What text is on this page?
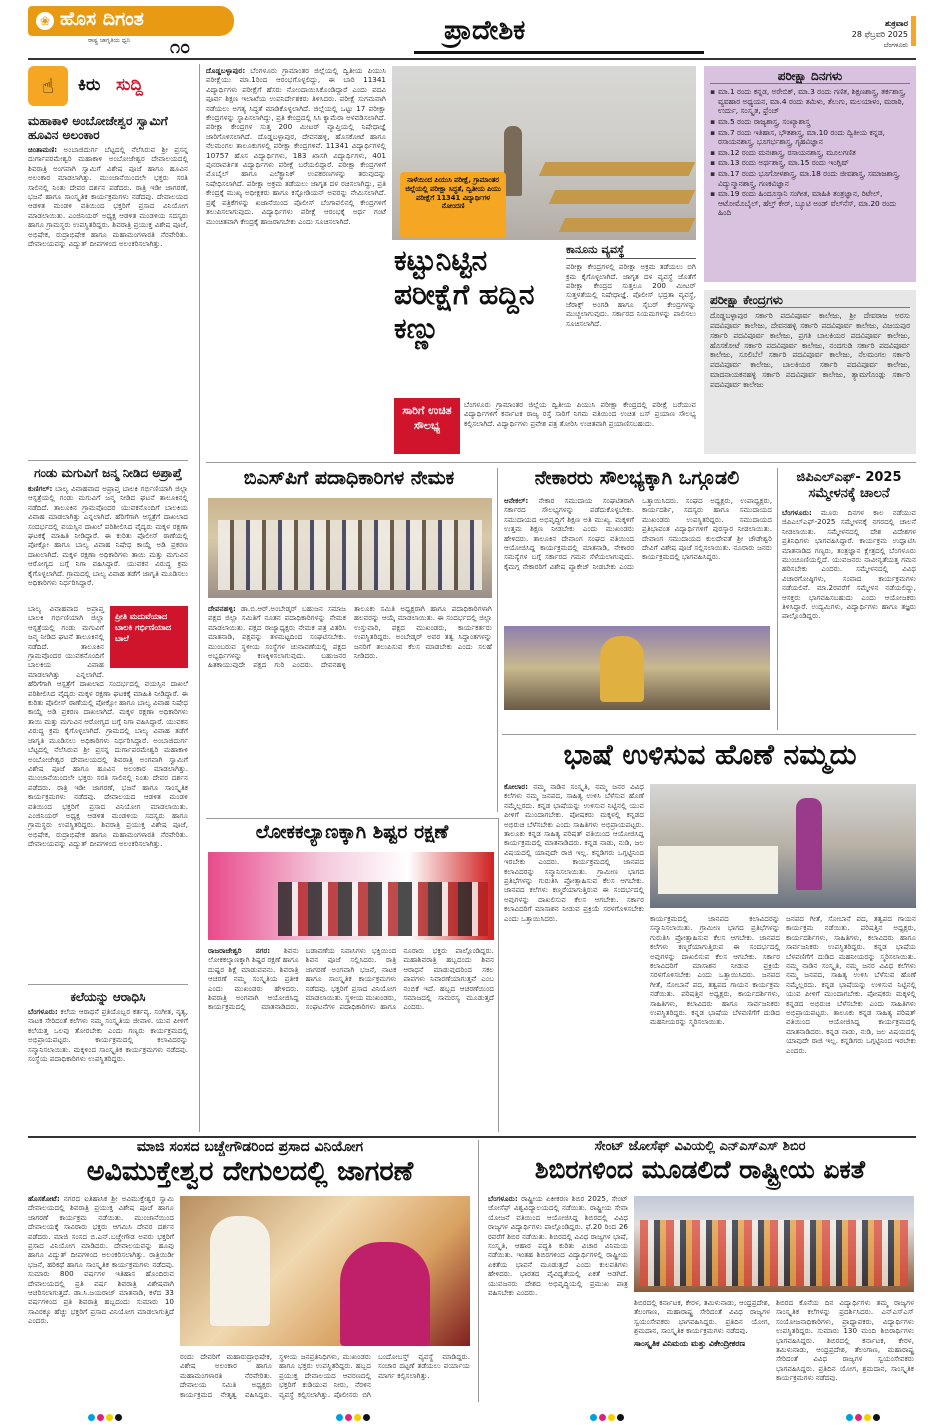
❀ ಹೊಸ ದಿಗಂತ
ರಾಷ್ಟ್ರ ಜಾಗೃತಿಯ ಧ್ವನಿ ೧೦
ಪ್ರಾದೇಶಿಕ	ಶುಕ್ರವಾರ
28 ಫೆಬ್ರವರಿ 2025
ಬೆಂಗಳೂರು
☝	ಕಿರು ಸುದ್ದಿ
ಮಹಾಕಾಳಿ ಅಂಬೋಜೇಶ್ವರ ಸ್ವಾಮಿಗೆ ಹೂವಿನ ಅಲಂಕಾರ
ಚಿಂತಾಮಣಿ: ಅಂಬಾಜಿದುರ್ಗ ಬೆಟ್ಟದಲ್ಲಿ ನೆಲೆಸಿರುವ ಶ್ರೀ ಪ್ರಸನ್ನ ದುರ್ಗಾಪರಮೇಶ್ವರಿ ಮಹಾಕಾಳಿ ಅಂಬೋಜೇಶ್ವರ ದೇವಾಲಯದಲ್ಲಿ ಶಿವರಾತ್ರಿ ಅಂಗವಾಗಿ ಸ್ವಾಮಿಗೆ ವಿಶೇಷ ಪೂಜೆ ಹಾಗೂ ಹೂವಿನ ಅಲಂಕಾರ ಮಾಡಲಾಗಿತ್ತು. ಮುಂಜಾನೆಯಿಂದಲೇ ಭಕ್ತರು ಸರತಿ ಸಾಲಿನಲ್ಲಿ ನಿಂತು ದೇವರ ದರ್ಶನ ಪಡೆದರು. ರಾತ್ರಿ ಇಡೀ ಜಾಗರಣೆ, ಭಜನೆ ಹಾಗೂ ಸಾಂಸ್ಕೃತಿಕ ಕಾರ್ಯಕ್ರಮಗಳು ನಡೆದವು. ದೇವಾಲಯದ ಆಡಳಿತ ಮಂಡಳಿ ವತಿಯಿಂದ ಭಕ್ತರಿಗೆ ಪ್ರಸಾದ ವಿನಿಯೋಗ ಮಾಡಲಾಯಿತು. ಎಂಜಿನಿಯರ್ ಅಧ್ಯಕ್ಷ ಆಡಳಿತ ಮಂಡಳಿಯ ಸದಸ್ಯರು ಹಾಗೂ ಗ್ರಾಮಸ್ಥರು ಉಪಸ್ಥಿತರಿದ್ದರು. ಶಿವರಾತ್ರಿ ಪ್ರಯುಕ್ತ ವಿಶೇಷ ಪೂಜೆ, ಅಭಿಷೇಕ, ರುದ್ರಾಭಿಷೇಕ ಹಾಗೂ ಮಹಾಮಂಗಳಾರತಿ ನೆರವೇರಿತು. ದೇವಾಲಯವನ್ನು ವಿದ್ಯುತ್ ದೀಪಗಳಿಂದ ಅಲಂಕರಿಸಲಾಗಿತ್ತು.
ಗಂಡು ಮಗುವಿಗೆ ಜನ್ಮ ನೀಡಿದ ಅಪ್ರಾಪ್ತೆ
ಕುಣಿಗಲ್: ಬಾಲ್ಯ ವಿವಾಹವಾದ ಅಪ್ರಾಪ್ತ ಬಾಲಕಿ ಗರ್ಭಿಣಿಯಾಗಿ ಜಿಲ್ಲಾ ಆಸ್ಪತ್ರೆಯಲ್ಲಿ ಗಂಡು ಮಗುವಿಗೆ ಜನ್ಮ ನೀಡಿದ ಘಟನೆ ತಾಲೂಕಿನಲ್ಲಿ ನಡೆದಿದೆ. ತಾಲೂಕಿನ ಗ್ರಾಮವೊಂದರ ಯುವಕನೊಂದಿಗೆ ಬಾಲಕಿಯ ವಿವಾಹ ಮಾಡಲಾಗಿತ್ತು ಎನ್ನಲಾಗಿದೆ. ಹೆರಿಗೆಗಾಗಿ ಆಸ್ಪತ್ರೆಗೆ ದಾಖಲಾದ ಸಂದರ್ಭದಲ್ಲಿ ವಯಸ್ಸಿನ ದಾಖಲೆ ಪರಿಶೀಲಿಸಿದ ವೈದ್ಯರು ಮಕ್ಕಳ ರಕ್ಷಣಾ ಘಟಕಕ್ಕೆ ಮಾಹಿತಿ ನೀಡಿದ್ದಾರೆ. ಈ ಕುರಿತು ಪೊಲೀಸ್ ಠಾಣೆಯಲ್ಲಿ ಪೋಕ್ಸೋ ಹಾಗೂ ಬಾಲ್ಯ ವಿವಾಹ ನಿಷೇಧ ಕಾಯ್ದೆ ಅಡಿ ಪ್ರಕರಣ ದಾಖಲಾಗಿದೆ. ಮಕ್ಕಳ ರಕ್ಷಣಾ ಅಧಿಕಾರಿಗಳು ತಾಯಿ ಮತ್ತು ಮಗುವಿನ ಆರೋಗ್ಯದ ಬಗ್ಗೆ ನಿಗಾ ವಹಿಸಿದ್ದಾರೆ. ಯುವಕನ ವಿರುದ್ಧ ಕ್ರಮ ಕೈಗೊಳ್ಳಲಾಗಿದೆ. ಗ್ರಾಮದಲ್ಲಿ ಬಾಲ್ಯ ವಿವಾಹ ತಡೆಗೆ ಜಾಗೃತಿ ಮೂಡಿಸಲು ಅಧಿಕಾರಿಗಳು ನಿರ್ಧರಿಸಿದ್ದಾರೆ.
ಪ್ರೀತಿ ಮದುವೆಯಾದ ಬಾಲಕಿ ಗರ್ಭಿಣಿಯಾದ ಬಾಲೆ
ಬಾಲ್ಯ ವಿವಾಹವಾದ ಅಪ್ರಾಪ್ತ ಬಾಲಕಿ ಗರ್ಭಿಣಿಯಾಗಿ ಜಿಲ್ಲಾ ಆಸ್ಪತ್ರೆಯಲ್ಲಿ ಗಂಡು ಮಗುವಿಗೆ ಜನ್ಮ ನೀಡಿದ ಘಟನೆ ತಾಲೂಕಿನಲ್ಲಿ ನಡೆದಿದೆ. ತಾಲೂಕಿನ ಗ್ರಾಮವೊಂದರ ಯುವಕನೊಂದಿಗೆ ಬಾಲಕಿಯ ವಿವಾಹ ಮಾಡಲಾಗಿತ್ತು ಎನ್ನಲಾಗಿದೆ. ಹೆರಿಗೆಗಾಗಿ ಆಸ್ಪತ್ರೆಗೆ ದಾಖಲಾದ ಸಂದರ್ಭದಲ್ಲಿ ವಯಸ್ಸಿನ ದಾಖಲೆ ಪರಿಶೀಲಿಸಿದ ವೈದ್ಯರು ಮಕ್ಕಳ ರಕ್ಷಣಾ ಘಟಕಕ್ಕೆ ಮಾಹಿತಿ ನೀಡಿದ್ದಾರೆ. ಈ ಕುರಿತು ಪೊಲೀಸ್ ಠಾಣೆಯಲ್ಲಿ ಪೋಕ್ಸೋ ಹಾಗೂ ಬಾಲ್ಯ ವಿವಾಹ ನಿಷೇಧ ಕಾಯ್ದೆ ಅಡಿ ಪ್ರಕರಣ ದಾಖಲಾಗಿದೆ. ಮಕ್ಕಳ ರಕ್ಷಣಾ ಅಧಿಕಾರಿಗಳು ತಾಯಿ ಮತ್ತು ಮಗುವಿನ ಆರೋಗ್ಯದ ಬಗ್ಗೆ ನಿಗಾ ವಹಿಸಿದ್ದಾರೆ. ಯುವಕನ ವಿರುದ್ಧ ಕ್ರಮ ಕೈಗೊಳ್ಳಲಾಗಿದೆ. ಗ್ರಾಮದಲ್ಲಿ ಬಾಲ್ಯ ವಿವಾಹ ತಡೆಗೆ ಜಾಗೃತಿ ಮೂಡಿಸಲು ಅಧಿಕಾರಿಗಳು ನಿರ್ಧರಿಸಿದ್ದಾರೆ. ಅಂಬಾಜಿದುರ್ಗ ಬೆಟ್ಟದಲ್ಲಿ ನೆಲೆಸಿರುವ ಶ್ರೀ ಪ್ರಸನ್ನ ದುರ್ಗಾಪರಮೇಶ್ವರಿ ಮಹಾಕಾಳಿ ಅಂಬೋಜೇಶ್ವರ ದೇವಾಲಯದಲ್ಲಿ ಶಿವರಾತ್ರಿ ಅಂಗವಾಗಿ ಸ್ವಾಮಿಗೆ ವಿಶೇಷ ಪೂಜೆ ಹಾಗೂ ಹೂವಿನ ಅಲಂಕಾರ ಮಾಡಲಾಗಿತ್ತು. ಮುಂಜಾನೆಯಿಂದಲೇ ಭಕ್ತರು ಸರತಿ ಸಾಲಿನಲ್ಲಿ ನಿಂತು ದೇವರ ದರ್ಶನ ಪಡೆದರು. ರಾತ್ರಿ ಇಡೀ ಜಾಗರಣೆ, ಭಜನೆ ಹಾಗೂ ಸಾಂಸ್ಕೃತಿಕ ಕಾರ್ಯಕ್ರಮಗಳು ನಡೆದವು. ದೇವಾಲಯದ ಆಡಳಿತ ಮಂಡಳಿ ವತಿಯಿಂದ ಭಕ್ತರಿಗೆ ಪ್ರಸಾದ ವಿನಿಯೋಗ ಮಾಡಲಾಯಿತು. ಎಂಜಿನಿಯರ್ ಅಧ್ಯಕ್ಷ ಆಡಳಿತ ಮಂಡಳಿಯ ಸದಸ್ಯರು ಹಾಗೂ ಗ್ರಾಮಸ್ಥರು ಉಪಸ್ಥಿತರಿದ್ದರು. ಶಿವರಾತ್ರಿ ಪ್ರಯುಕ್ತ ವಿಶೇಷ ಪೂಜೆ, ಅಭಿಷೇಕ, ರುದ್ರಾಭಿಷೇಕ ಹಾಗೂ ಮಹಾಮಂಗಳಾರತಿ ನೆರವೇರಿತು. ದೇವಾಲಯವನ್ನು ವಿದ್ಯುತ್ ದೀಪಗಳಿಂದ ಅಲಂಕರಿಸಲಾಗಿತ್ತು.
ಕಲೆಯನ್ನು ಆರಾಧಿಸಿ
ಬೆಂಗಳೂರು: ಕಲೆಯ ಆರಾಧನೆ ಪ್ರತಿಯೊಬ್ಬರ ಕರ್ತವ್ಯ. ಸಂಗೀತ, ನೃತ್ಯ, ನಾಟಕ ಸೇರಿದಂತೆ ಕಲೆಗಳು ನಮ್ಮ ಸಂಸ್ಕೃತಿಯ ಜೀವಾಳ. ಯುವ ಪೀಳಿಗೆ ಕಲೆಯತ್ತ ಒಲವು ತೋರಬೇಕು ಎಂದು ಗಣ್ಯರು ಕಾರ್ಯಕ್ರಮದಲ್ಲಿ ಅಭಿಪ್ರಾಯಪಟ್ಟರು. ಕಾರ್ಯಕ್ರಮದಲ್ಲಿ ಕಲಾವಿದರನ್ನು ಸನ್ಮಾನಿಸಲಾಯಿತು. ಮಕ್ಕಳಿಂದ ಸಾಂಸ್ಕೃತಿಕ ಕಾರ್ಯಕ್ರಮಗಳು ನಡೆದವು. ಸಂಸ್ಥೆಯ ಪದಾಧಿಕಾರಿಗಳು ಉಪಸ್ಥಿತರಿದ್ದರು.
ದೊಡ್ಡಬಳ್ಳಾಪುರ: ಬೆಂಗಳೂರು ಗ್ರಾಮಾಂತರ ಜಿಲ್ಲೆಯಲ್ಲಿ ದ್ವಿತೀಯ ಪಿಯುಸಿ ಪರೀಕ್ಷೆಯು ಮಾ.1ರಿಂದ ಆರಂಭಗೊಳ್ಳಲಿದ್ದು, ಈ ಬಾರಿ 11341 ವಿದ್ಯಾರ್ಥಿಗಳು ಪರೀಕ್ಷೆಗೆ ಹೆಸರು ನೋಂದಾಯಿಸಿಕೊಂಡಿದ್ದಾರೆ ಎಂದು ಪದವಿ ಪೂರ್ವ ಶಿಕ್ಷಣ ಇಲಾಖೆಯ ಉಪನಿರ್ದೇಶಕರು ತಿಳಿಸಿದರು. ಪರೀಕ್ಷೆ ಸುಗಮವಾಗಿ ನಡೆಯಲು ಅಗತ್ಯ ಸಿದ್ಧತೆ ಮಾಡಿಕೊಳ್ಳಲಾಗಿದೆ. ಜಿಲ್ಲೆಯಲ್ಲಿ ಒಟ್ಟು 17 ಪರೀಕ್ಷಾ ಕೇಂದ್ರಗಳನ್ನು ಸ್ಥಾಪಿಸಲಾಗಿದ್ದು, ಪ್ರತಿ ಕೇಂದ್ರದಲ್ಲಿ ಸಿಸಿ ಕ್ಯಾಮೆರಾ ಅಳವಡಿಸಲಾಗಿದೆ. ಪರೀಕ್ಷಾ ಕೇಂದ್ರಗಳ ಸುತ್ತ 200 ಮೀಟರ್ ವ್ಯಾಪ್ತಿಯಲ್ಲಿ ನಿಷೇಧಾಜ್ಞೆ ಜಾರಿಗೊಳಿಸಲಾಗಿದೆ. ದೊಡ್ಡಬಳ್ಳಾಪುರ, ದೇವನಹಳ್ಳಿ, ಹೊಸಕೋಟೆ ಹಾಗೂ ನೆಲಮಂಗಲ ತಾಲೂಕುಗಳಲ್ಲಿ ಪರೀಕ್ಷಾ ಕೇಂದ್ರಗಳಿವೆ. 11341 ವಿದ್ಯಾರ್ಥಿಗಳಲ್ಲಿ 10757 ಹೊಸ ವಿದ್ಯಾರ್ಥಿಗಳು, 183 ಖಾಸಗಿ ವಿದ್ಯಾರ್ಥಿಗಳು, 401 ಪುನರಾವರ್ತಿತ ವಿದ್ಯಾರ್ಥಿಗಳು ಪರೀಕ್ಷೆ ಬರೆಯಲಿದ್ದಾರೆ. ಪರೀಕ್ಷಾ ಕೇಂದ್ರಗಳಿಗೆ ಮೊಬೈಲ್ ಹಾಗೂ ಎಲೆಕ್ಟ್ರಾನಿಕ್ ಉಪಕರಣಗಳನ್ನು ತರುವುದನ್ನು ನಿಷೇಧಿಸಲಾಗಿದೆ. ಪರೀಕ್ಷಾ ಅಕ್ರಮ ತಡೆಯಲು ಜಾಗೃತ ದಳ ರಚಿಸಲಾಗಿದ್ದು, ಪ್ರತಿ ಕೇಂದ್ರಕ್ಕೆ ಮುಖ್ಯ ಅಧೀಕ್ಷಕರು ಹಾಗೂ ಕಸ್ಟೋಡಿಯನ್ ಅವರನ್ನು ನೇಮಿಸಲಾಗಿದೆ. ಪ್ರಶ್ನೆ ಪತ್ರಿಕೆಗಳನ್ನು ಖಜಾನೆಯಿಂದ ಪೊಲೀಸ್ ಬೆಂಗಾವಲಿನಲ್ಲಿ ಕೇಂದ್ರಗಳಿಗೆ ತಲುಪಿಸಲಾಗುವುದು. ವಿದ್ಯಾರ್ಥಿಗಳು ಪರೀಕ್ಷೆ ಆರಂಭಕ್ಕೆ ಅರ್ಧ ಗಂಟೆ ಮುಂಚಿತವಾಗಿ ಕೇಂದ್ರಕ್ಕೆ ಹಾಜರಾಗಬೇಕು ಎಂದು ಸೂಚಿಸಲಾಗಿದೆ.
ನಾಳೆಯಿಂದ ಪಿಯುಸಿ ಪರೀಕ್ಷೆ, ಗ್ರಾಮಾಂತರ ಜಿಲ್ಲೆಯಲ್ಲಿ ಪರೀಕ್ಷಾ ಸಿದ್ಧತೆ, ದ್ವಿತೀಯ ಪಿಯು ಪರೀಕ್ಷೆಗೆ 11341 ವಿದ್ಯಾರ್ಥಿಗಳ ನೋಂದಣಿ
ಕಟ್ಟುನಿಟ್ಟಿನ ಪರೀಕ್ಷೆಗೆ ಹದ್ದಿನ ಕಣ್ಣು
ಕಾನೂನು ವ್ಯವಸ್ಥೆ
ಪರೀಕ್ಷಾ ಕೇಂದ್ರಗಳಲ್ಲಿ ಪರೀಕ್ಷಾ ಅಕ್ರಮ ತಡೆಯಲು ಬಿಗಿ ಕ್ರಮ ಕೈಗೊಳ್ಳಲಾಗಿದೆ. ಜಾಗೃತ ದಳ ವ್ಯವಸ್ಥೆ ಜೊತೆಗೆ ಪರೀಕ್ಷಾ ಕೇಂದ್ರದ ಸುತ್ತಲೂ 200 ಮೀಟರ್ ಸುತ್ತಳತೆಯಲ್ಲಿ ನಿಷೇಧಾಜ್ಞೆ. ಪೊಲೀಸ್ ಭದ್ರತಾ ವ್ಯವಸ್ಥೆ, ಜೆರಾಕ್ಸ್ ಅಂಗಡಿ ಹಾಗೂ ಸೈಬರ್ ಕೇಂದ್ರಗಳನ್ನು ಮುಚ್ಚಲಾಗುವುದು. ಸರ್ಕಾರದ ನಿಯಮಗಳನ್ನು ಪಾಲಿಸಲು ಸೂಚಿಸಲಾಗಿದೆ.
ಸಾರಿಗೆ ಉಚಿತ ಸೌಲಭ್ಯ
ಬೆಂಗಳೂರು ಗ್ರಾಮಾಂತರ ಜಿಲ್ಲೆಯ ದ್ವಿತೀಯ ಪಿಯುಸಿ ಪರೀಕ್ಷಾ ಕೇಂದ್ರದಲ್ಲಿ ಪರೀಕ್ಷೆ ಬರೆಯುವ ವಿದ್ಯಾರ್ಥಿಗಳಿಗೆ ಕರ್ನಾಟಕ ರಾಜ್ಯ ರಸ್ತೆ ಸಾರಿಗೆ ನಿಗಮ ವತಿಯಿಂದ ಉಚಿತ ಬಸ್ ಪ್ರಯಾಣ ಸೌಲಭ್ಯ ಕಲ್ಪಿಸಲಾಗಿದೆ. ವಿದ್ಯಾರ್ಥಿಗಳು ಪ್ರವೇಶ ಪತ್ರ ತೋರಿಸಿ ಉಚಿತವಾಗಿ ಪ್ರಯಾಣಿಸಬಹುದು.
ಪರೀಕ್ಷಾ ದಿನಗಳು
▪ ಮಾ.1 ರಂದು ಕನ್ನಡ, ಅರೇಬಿಕ್, ಮಾ.3 ರಂದು ಗಣಿತ, ಶಿಕ್ಷಣಶಾಸ್ತ್ರ, ತರ್ಕಶಾಸ್ತ್ರ, ವ್ಯವಹಾರ ಅಧ್ಯಯನ, ಮಾ.4 ರಂದು ತಮಿಳು, ತೆಲುಗು, ಮಲಯಾಳಂ, ಮರಾಠಿ, ಉರ್ದು, ಸಂಸ್ಕೃತ, ಫ್ರೆಂಚ್
▪ ಮಾ.5 ರಂದು ರಾಜ್ಯಶಾಸ್ತ್ರ, ಸಂಖ್ಯಾಶಾಸ್ತ್ರ
▪ ಮಾ.7 ರಂದು ಇತಿಹಾಸ, ಭೌತಶಾಸ್ತ್ರ, ಮಾ.10 ರಂದು ದ್ವಿತೀಯ ಕನ್ನಡ, ರಸಾಯನಶಾಸ್ತ್ರ, ಭೂಗರ್ಭಶಾಸ್ತ್ರ, ಗೃಹವಿಜ್ಞಾನ
▪ ಮಾ.12 ರಂದು ಮನಃಶಾಸ್ತ್ರ, ರಸಾಯನಶಾಸ್ತ್ರ, ಮೂಲಗಣಿತ
▪ ಮಾ.13 ರಂದು ಅರ್ಥಶಾಸ್ತ್ರ, ಮಾ.15 ರಂದು ಇಂಗ್ಲಿಷ್
▪ ಮಾ.17 ರಂದು ಭೂಗೋಳಶಾಸ್ತ್ರ, ಮಾ.18 ರಂದು ಜೀವಶಾಸ್ತ್ರ, ಸಮಾಜಶಾಸ್ತ್ರ, ವಿದ್ಯುನ್ಮಾನಶಾಸ್ತ್ರ, ಗಣಕವಿಜ್ಞಾನ
▪ ಮಾ.19 ರಂದು ಹಿಂದೂಸ್ತಾನಿ ಸಂಗೀತ, ಮಾಹಿತಿ ತಂತ್ರಜ್ಞಾನ, ರಿಟೇಲ್, ಆಟೋಮೊಬೈಲ್, ಹೆಲ್ತ್ ಕೇರ್, ಬ್ಯೂಟಿ ಅಂಡ್ ವೆಲ್‌ನೆಸ್, ಮಾ.20 ರಂದು ಹಿಂದಿ
ಪರೀಕ್ಷಾ ಕೇಂದ್ರಗಳು
ದೊಡ್ಡಬಳ್ಳಾಪುರ ಸರ್ಕಾರಿ ಪದವಿಪೂರ್ವ ಕಾಲೇಜು, ಶ್ರೀ ದೇವರಾಜ ಅರಸು ಪದವಿಪೂರ್ವ ಕಾಲೇಜು, ದೇವನಹಳ್ಳಿ ಸರ್ಕಾರಿ ಪದವಿಪೂರ್ವ ಕಾಲೇಜು, ವಿಜಯಪುರ ಸರ್ಕಾರಿ ಪದವಿಪೂರ್ವ ಕಾಲೇಜು, ಪ್ರಗತಿ ಬಾಲಕಿಯರ ಪದವಿಪೂರ್ವ ಕಾಲೇಜು, ಹೊಸಕೋಟೆ ಸರ್ಕಾರಿ ಪದವಿಪೂರ್ವ ಕಾಲೇಜು, ನಂದಗುಡಿ ಸರ್ಕಾರಿ ಪದವಿಪೂರ್ವ ಕಾಲೇಜು, ಸೂಲಿಬೆಲೆ ಸರ್ಕಾರಿ ಪದವಿಪೂರ್ವ ಕಾಲೇಜು, ನೆಲಮಂಗಲ ಸರ್ಕಾರಿ ಪದವಿಪೂರ್ವ ಕಾಲೇಜು, ಬಾಲಕಿಯರ ಸರ್ಕಾರಿ ಪದವಿಪೂರ್ವ ಕಾಲೇಜು, ಮಾದನಾಯಕನಹಳ್ಳಿ ಸರ್ಕಾರಿ ಪದವಿಪೂರ್ವ ಕಾಲೇಜು, ತ್ಯಾಮಗೊಂಡ್ಲು ಸರ್ಕಾರಿ ಪದವಿಪೂರ್ವ ಕಾಲೇಜು
ಬಿಎಸ್‌ಪಿಗೆ ಪದಾಧಿಕಾರಿಗಳ ನೇಮಕ
ದೇವನಹಳ್ಳಿ: ಡಾ.ಬಿ.ಆರ್.ಅಂಬೇಡ್ಕರ್ ಬಹುಜನ ಸಮಾಜ ಪಕ್ಷದ ಜಿಲ್ಲಾ ಸಮಿತಿಗೆ ನೂತನ ಪದಾಧಿಕಾರಿಗಳನ್ನು ನೇಮಕ ಮಾಡಲಾಯಿತು. ಪಕ್ಷದ ರಾಜ್ಯಾಧ್ಯಕ್ಷರು ನೇಮಕ ಪತ್ರ ವಿತರಿಸಿ ಮಾತನಾಡಿ, ಪಕ್ಷವನ್ನು ತಳಮಟ್ಟದಿಂದ ಸಂಘಟಿಸಬೇಕು. ಮುಂಬರುವ ಸ್ಥಳೀಯ ಸಂಸ್ಥೆಗಳ ಚುನಾವಣೆಯಲ್ಲಿ ಪಕ್ಷದ ಅಭ್ಯರ್ಥಿಗಳನ್ನು ಕಣಕ್ಕಿಳಿಸಲಾಗುವುದು. ಬಹುಜನರ ಹಿತಕಾಯುವುದೇ ಪಕ್ಷದ ಗುರಿ ಎಂದರು. ದೇವನಹಳ್ಳಿ ತಾಲೂಕು ಸಮಿತಿ ಅಧ್ಯಕ್ಷರಾಗಿ ಹಾಗೂ ಪದಾಧಿಕಾರಿಗಳಾಗಿ ಹಲವರನ್ನು ಆಯ್ಕೆ ಮಾಡಲಾಯಿತು. ಈ ಸಂದರ್ಭದಲ್ಲಿ ಜಿಲ್ಲಾ ಉಸ್ತುವಾರಿ, ಪಕ್ಷದ ಮುಖಂಡರು, ಕಾರ್ಯಕರ್ತರು ಉಪಸ್ಥಿತರಿದ್ದರು. ಅಂಬೇಡ್ಕರ್ ಅವರ ತತ್ವ ಸಿದ್ಧಾಂತಗಳನ್ನು ಜನರಿಗೆ ತಲುಪಿಸುವ ಕೆಲಸ ಮಾಡಬೇಕು ಎಂದು ಸಲಹೆ ನೀಡಿದರು.
ನೇಕಾರರು ಸೌಲಭ್ಯಕ್ಕಾಗಿ ಒಗ್ಗೂಡಲಿ
ಆನೇಕಲ್: ನೇಕಾರ ಸಮುದಾಯ ಸಂಘಟಿತರಾಗಿ ಸರ್ಕಾರದ ಸೌಲಭ್ಯಗಳನ್ನು ಪಡೆದುಕೊಳ್ಳಬೇಕು. ಸಮುದಾಯದ ಅಭಿವೃದ್ಧಿಗೆ ಶಿಕ್ಷಣ ಅತಿ ಮುಖ್ಯ. ಮಕ್ಕಳಿಗೆ ಉತ್ತಮ ಶಿಕ್ಷಣ ನೀಡಬೇಕು ಎಂದು ಮುಖಂಡರು ಹೇಳಿದರು. ತಾಲೂಕಿನ ದೇವಾಂಗ ಸಂಘದ ವತಿಯಿಂದ ಆಯೋಜಿಸಿದ್ದ ಕಾರ್ಯಕ್ರಮದಲ್ಲಿ ಮಾತನಾಡಿ, ನೇಕಾರರ ಸಮಸ್ಯೆಗಳ ಬಗ್ಗೆ ಸರ್ಕಾರದ ಗಮನ ಸೆಳೆಯಲಾಗುವುದು. ಕೈಮಗ್ಗ ನೇಕಾರರಿಗೆ ವಿಶೇಷ ಪ್ಯಾಕೇಜ್ ನೀಡಬೇಕು ಎಂದು ಒತ್ತಾಯಿಸಿದರು. ಸಂಘದ ಅಧ್ಯಕ್ಷರು, ಉಪಾಧ್ಯಕ್ಷರು, ಕಾರ್ಯದರ್ಶಿ, ಸದಸ್ಯರು ಹಾಗೂ ಸಮುದಾಯದ ಮುಖಂಡರು ಉಪಸ್ಥಿತರಿದ್ದರು. ಸಮುದಾಯದ ಪ್ರತಿಭಾವಂತ ವಿದ್ಯಾರ್ಥಿಗಳಿಗೆ ಪುರಸ್ಕಾರ ನೀಡಲಾಯಿತು. ದೇವಾಂಗ ಸಮುದಾಯದ ಕುಲದೇವತೆ ಶ್ರೀ ಚೌಡೇಶ್ವರಿ ದೇವಿಗೆ ವಿಶೇಷ ಪೂಜೆ ಸಲ್ಲಿಸಲಾಯಿತು. ನೂರಾರು ಜನರು ಕಾರ್ಯಕ್ರಮದಲ್ಲಿ ಭಾಗವಹಿಸಿದ್ದರು.
ಜಿಪಿಎಲ್‌ಎಫ್- 2025 ಸಮ್ಮೇಳನಕ್ಕೆ ಚಾಲನೆ
ಬೆಂಗಳೂರು: ಮೂರು ದಿನಗಳ ಕಾಲ ನಡೆಯುವ ಜಿಪಿಎಲ್‌ಎಫ್-2025 ಸಮ್ಮೇಳನಕ್ಕೆ ನಗರದಲ್ಲಿ ಚಾಲನೆ ನೀಡಲಾಯಿತು. ಸಮ್ಮೇಳನದಲ್ಲಿ ದೇಶ ವಿದೇಶಗಳ ಪ್ರತಿನಿಧಿಗಳು ಭಾಗವಹಿಸಿದ್ದಾರೆ. ಕಾರ್ಯಕ್ರಮ ಉದ್ಘಾಟಿಸಿ ಮಾತನಾಡಿದ ಗಣ್ಯರು, ತಂತ್ರಜ್ಞಾನ ಕ್ಷೇತ್ರದಲ್ಲಿ ಬೆಂಗಳೂರು ಮುಂಚೂಣಿಯಲ್ಲಿದೆ. ಯುವಜನರು ನಾವೀನ್ಯತೆಯತ್ತ ಗಮನ ಹರಿಸಬೇಕು ಎಂದರು. ಸಮ್ಮೇಳನದಲ್ಲಿ ವಿವಿಧ ವಿಚಾರಗೋಷ್ಠಿಗಳು, ಸಂವಾದ ಕಾರ್ಯಕ್ರಮಗಳು ನಡೆಯಲಿವೆ. ಮಾ.2ರವರೆಗೆ ಸಮ್ಮೇಳನ ನಡೆಯಲಿದ್ದು, ಆಸಕ್ತರು ಭಾಗವಹಿಸಬಹುದು ಎಂದು ಆಯೋಜಕರು ತಿಳಿಸಿದ್ದಾರೆ. ಉದ್ಯಮಿಗಳು, ವಿದ್ಯಾರ್ಥಿಗಳು ಹಾಗೂ ತಜ್ಞರು ಪಾಲ್ಗೊಂಡಿದ್ದರು.
ಭಾಷೆ ಉಳಿಸುವ ಹೊಣೆ ನಮ್ಮದು
ಕೋಲಾರ: ನಮ್ಮ ನಾಡಿನ ಸಂಸ್ಕೃತಿ, ನಮ್ಮ ಜನರ ವಿವಿಧ ಕಲೆಗಳು ನಮ್ಮ ಜನಪದ, ಸಾಹಿತ್ಯ ಉಳಿಸಿ ಬೆಳೆಸುವ ಹೊಣೆ ನಮ್ಮೆಲ್ಲರದು. ಕನ್ನಡ ಭಾಷೆಯನ್ನು ಉಳಿಸುವ ನಿಟ್ಟಿನಲ್ಲಿ ಯುವ ಪೀಳಿಗೆ ಮುಂದಾಗಬೇಕು. ಪೋಷಕರು ಮಕ್ಕಳಲ್ಲಿ ಕನ್ನಡದ ಅಭಿರುಚಿ ಬೆಳೆಸಬೇಕು ಎಂದು ಸಾಹಿತಿಗಳು ಅಭಿಪ್ರಾಯಪಟ್ಟರು. ತಾಲೂಕು ಕನ್ನಡ ಸಾಹಿತ್ಯ ಪರಿಷತ್ ವತಿಯಿಂದ ಆಯೋಜಿಸಿದ್ದ ಕಾರ್ಯಕ್ರಮದಲ್ಲಿ ಮಾತನಾಡಿದರು. ಕನ್ನಡ ನಾಡು, ನುಡಿ, ಜಲ ವಿಷಯದಲ್ಲಿ ಯಾವುದೇ ರಾಜಿ ಇಲ್ಲ. ಕನ್ನಡಿಗರು ಒಗ್ಗಟ್ಟಿನಿಂದ ಇರಬೇಕು ಎಂದರು. ಕಾರ್ಯಕ್ರಮದಲ್ಲಿ ಜಾನಪದ ಕಲಾವಿದರನ್ನು ಸನ್ಮಾನಿಸಲಾಯಿತು. ಗ್ರಾಮೀಣ ಭಾಗದ ಪ್ರತಿಭೆಗಳನ್ನು ಗುರುತಿಸಿ ಪ್ರೋತ್ಸಾಹಿಸುವ ಕೆಲಸ ಆಗಬೇಕು. ಜಾನಪದ ಕಲೆಗಳು ಕಣ್ಮರೆಯಾಗುತ್ತಿರುವ ಈ ಸಂದರ್ಭದಲ್ಲಿ ಅವುಗಳನ್ನು ದಾಖಲಿಸುವ ಕೆಲಸ ಆಗಬೇಕು. ಸರ್ಕಾರ ಕಲಾವಿದರಿಗೆ ಮಾಸಾಶನ ನೀಡುವ ಪ್ರಕ್ರಿಯೆ ಸರಳಗೊಳಿಸಬೇಕು ಎಂದು ಒತ್ತಾಯಿಸಿದರು.	ಕಾರ್ಯಕ್ರಮದಲ್ಲಿ ಜಾನಪದ ಕಲಾವಿದರನ್ನು ಸನ್ಮಾನಿಸಲಾಯಿತು. ಗ್ರಾಮೀಣ ಭಾಗದ ಪ್ರತಿಭೆಗಳನ್ನು ಗುರುತಿಸಿ ಪ್ರೋತ್ಸಾಹಿಸುವ ಕೆಲಸ ಆಗಬೇಕು. ಜಾನಪದ ಕಲೆಗಳು ಕಣ್ಮರೆಯಾಗುತ್ತಿರುವ ಈ ಸಂದರ್ಭದಲ್ಲಿ ಅವುಗಳನ್ನು ದಾಖಲಿಸುವ ಕೆಲಸ ಆಗಬೇಕು. ಸರ್ಕಾರ ಕಲಾವಿದರಿಗೆ ಮಾಸಾಶನ ನೀಡುವ ಪ್ರಕ್ರಿಯೆ ಸರಳಗೊಳಿಸಬೇಕು ಎಂದು ಒತ್ತಾಯಿಸಿದರು. ಜನಪದ ಗೀತೆ, ಸೋಬಾನೆ ಪದ, ತತ್ವಪದ ಗಾಯನ ಕಾರ್ಯಕ್ರಮ ನಡೆಯಿತು. ಪರಿಷತ್ತಿನ ಅಧ್ಯಕ್ಷರು, ಕಾರ್ಯದರ್ಶಿಗಳು, ಸಾಹಿತಿಗಳು, ಕಲಾವಿದರು ಹಾಗೂ ಸಾರ್ವಜನಿಕರು ಉಪಸ್ಥಿತರಿದ್ದರು. ಕನ್ನಡ ಭಾಷೆಯ ಬೆಳವಣಿಗೆಗೆ ದುಡಿದ ಮಹನೀಯರನ್ನು ಸ್ಮರಿಸಲಾಯಿತು.
ಜನಪದ ಗೀತೆ, ಸೋಬಾನೆ ಪದ, ತತ್ವಪದ ಗಾಯನ ಕಾರ್ಯಕ್ರಮ ನಡೆಯಿತು. ಪರಿಷತ್ತಿನ ಅಧ್ಯಕ್ಷರು, ಕಾರ್ಯದರ್ಶಿಗಳು, ಸಾಹಿತಿಗಳು, ಕಲಾವಿದರು ಹಾಗೂ ಸಾರ್ವಜನಿಕರು ಉಪಸ್ಥಿತರಿದ್ದರು. ಕನ್ನಡ ಭಾಷೆಯ ಬೆಳವಣಿಗೆಗೆ ದುಡಿದ ಮಹನೀಯರನ್ನು ಸ್ಮರಿಸಲಾಯಿತು. ನಮ್ಮ ನಾಡಿನ ಸಂಸ್ಕೃತಿ, ನಮ್ಮ ಜನರ ವಿವಿಧ ಕಲೆಗಳು ನಮ್ಮ ಜನಪದ, ಸಾಹಿತ್ಯ ಉಳಿಸಿ ಬೆಳೆಸುವ ಹೊಣೆ ನಮ್ಮೆಲ್ಲರದು. ಕನ್ನಡ ಭಾಷೆಯನ್ನು ಉಳಿಸುವ ನಿಟ್ಟಿನಲ್ಲಿ ಯುವ ಪೀಳಿಗೆ ಮುಂದಾಗಬೇಕು. ಪೋಷಕರು ಮಕ್ಕಳಲ್ಲಿ ಕನ್ನಡದ ಅಭಿರುಚಿ ಬೆಳೆಸಬೇಕು ಎಂದು ಸಾಹಿತಿಗಳು ಅಭಿಪ್ರಾಯಪಟ್ಟರು. ತಾಲೂಕು ಕನ್ನಡ ಸಾಹಿತ್ಯ ಪರಿಷತ್ ವತಿಯಿಂದ ಆಯೋಜಿಸಿದ್ದ ಕಾರ್ಯಕ್ರಮದಲ್ಲಿ ಮಾತನಾಡಿದರು. ಕನ್ನಡ ನಾಡು, ನುಡಿ, ಜಲ ವಿಷಯದಲ್ಲಿ ಯಾವುದೇ ರಾಜಿ ಇಲ್ಲ. ಕನ್ನಡಿಗರು ಒಗ್ಗಟ್ಟಿನಿಂದ ಇರಬೇಕು ಎಂದರು.
ಲೋಕಕಲ್ಯಾಣಕ್ಕಾಗಿ ಶಿಷ್ಟರ ರಕ್ಷಣೆ
ರಾಜರಾಜೇಶ್ವರಿ ನಗರ: ಶಿವನು ಲೋಕಕಲ್ಯಾಣಕ್ಕಾಗಿ ಶಿಷ್ಟರ ರಕ್ಷಣೆ ಹಾಗೂ ದುಷ್ಟರ ಶಿಕ್ಷೆ ಮಾಡುವವನು. ಶಿವರಾತ್ರಿ ಆಚರಣೆ ನಮ್ಮ ಸಂಸ್ಕೃತಿಯ ಪ್ರತೀಕ ಎಂದು ಮುಖಂಡರು ಹೇಳಿದರು. ಶಿವರಾತ್ರಿ ಅಂಗವಾಗಿ ಆಯೋಜಿಸಿದ್ದ ಕಾರ್ಯಕ್ರಮದಲ್ಲಿ ಮಾತನಾಡಿದರು. ಬಡಾವಣೆಯ ನಿವಾಸಿಗಳು ಭಕ್ತಿಯಿಂದ ಶಿವನ ಪೂಜೆ ಸಲ್ಲಿಸಿದರು. ರಾತ್ರಿ ಜಾಗರಣೆ ಅಂಗವಾಗಿ ಭಜನೆ, ನಾಟಕ ಹಾಗೂ ಸಾಂಸ್ಕೃತಿಕ ಕಾರ್ಯಕ್ರಮಗಳು ನಡೆದವು. ಭಕ್ತರಿಗೆ ಪ್ರಸಾದ ವಿನಿಯೋಗ ಮಾಡಲಾಯಿತು. ಸ್ಥಳೀಯ ಮುಖಂಡರು, ಸಂಘಟನೆಗಳ ಪದಾಧಿಕಾರಿಗಳು ಹಾಗೂ ನೂರಾರು ಭಕ್ತರು ಪಾಲ್ಗೊಂಡಿದ್ದರು. ಮಹಾಶಿವರಾತ್ರಿ ಹಬ್ಬದಂದು ಶಿವನ ಆರಾಧನೆ ಮಾಡುವುದರಿಂದ ಸಕಲ ಪಾಪಗಳು ನಿವಾರಣೆಯಾಗುತ್ತವೆ ಎಂಬ ನಂಬಿಕೆ ಇದೆ. ಹಬ್ಬದ ಆಚರಣೆಯಿಂದ ಸಮಾಜದಲ್ಲಿ ಸಾಮರಸ್ಯ ಮೂಡುತ್ತದೆ ಎಂದರು.
ಮಾಜಿ ಸಂಸದ ಬಚ್ಚೇಗೌಡರಿಂದ ಪ್ರಸಾದ ವಿನಿಯೋಗ
ಅವಿಮುಕ್ತೇಶ್ವರ ದೇಗುಲದಲ್ಲಿ ಜಾಗರಣೆ
ಹೊಸಕೋಟೆ: ನಗರದ ಐತಿಹಾಸಿಕ ಶ್ರೀ ಅವಿಮುಕ್ತೇಶ್ವರ ಸ್ವಾಮಿ ದೇವಾಲಯದಲ್ಲಿ ಶಿವರಾತ್ರಿ ಪ್ರಯುಕ್ತ ವಿಶೇಷ ಪೂಜೆ ಹಾಗೂ ಜಾಗರಣೆ ಕಾರ್ಯಕ್ರಮ ನಡೆಯಿತು. ಮುಂಜಾನೆಯಿಂದ ದೇವಾಲಯಕ್ಕೆ ಸಾವಿರಾರು ಭಕ್ತರು ಆಗಮಿಸಿ ದೇವರ ದರ್ಶನ ಪಡೆದರು. ಮಾಜಿ ಸಂಸದ ಬಿ.ಎನ್.ಬಚ್ಚೇಗೌಡ ಅವರು ಭಕ್ತರಿಗೆ ಪ್ರಸಾದ ವಿನಿಯೋಗ ಮಾಡಿದರು. ದೇವಾಲಯವನ್ನು ಹೂವು ಹಾಗೂ ವಿದ್ಯುತ್ ದೀಪಗಳಿಂದ ಅಲಂಕರಿಸಲಾಗಿತ್ತು. ರಾತ್ರಿಯಿಡೀ ಭಜನೆ, ಹರಿಕಥೆ ಹಾಗೂ ಸಾಂಸ್ಕೃತಿಕ ಕಾರ್ಯಕ್ರಮಗಳು ನಡೆದವು. ಸುಮಾರು 800 ವರ್ಷಗಳ ಇತಿಹಾಸ ಹೊಂದಿರುವ ದೇವಾಲಯದಲ್ಲಿ ಪ್ರತಿ ವರ್ಷ ಶಿವರಾತ್ರಿ ವಿಶೇಷವಾಗಿ ಆಚರಿಸಲಾಗುತ್ತದೆ. ಡಾ.ಸಿ.ಜಯರಾಜ್ ಮಾತನಾಡಿ, ಕಳೆದ 33 ವರ್ಷಗಳಿಂದ ಪ್ರತಿ ಶಿವರಾತ್ರಿ ಹಬ್ಬದಂದು ಸುಮಾರು 10 ಸಾವಿರಕ್ಕೂ ಹೆಚ್ಚು ಭಕ್ತರಿಗೆ ಪ್ರಸಾದ ವಿನಿಯೋಗ ಮಾಡಲಾಗುತ್ತಿದೆ ಎಂದರು.
ರಂದು ದೇವರಿಗೆ ಮಹಾರುದ್ರಾಭಿಷೇಕ, ವಿಶೇಷ ಅಲಂಕಾರ ಹಾಗೂ ಮಹಾಮಂಗಳಾರತಿ ನೆರವೇರಿತು. ದೇವಾಲಯ ಸಮಿತಿ ಅಧ್ಯಕ್ಷರು ಕಾರ್ಯಕ್ರಮದ ನೇತೃತ್ವ ವಹಿಸಿದ್ದರು. ಸ್ಥಳೀಯ ಜನಪ್ರತಿನಿಧಿಗಳು, ಮುಖಂಡರು ಹಾಗೂ ಭಕ್ತರು ಉಪಸ್ಥಿತರಿದ್ದರು. ಹಬ್ಬದ ಪ್ರಯುಕ್ತ ದೇವಾಲಯದ ಆವರಣದಲ್ಲಿ ಭಕ್ತರಿಗೆ ಕುಡಿಯುವ ನೀರು, ನೆರಳಿನ ವ್ಯವಸ್ಥೆ ಕಲ್ಪಿಸಲಾಗಿತ್ತು. ಪೊಲೀಸರು ಬಿಗಿ ಬಂದೋಬಸ್ತ್ ವ್ಯವಸ್ಥೆ ಮಾಡಿದ್ದರು. ಸಂಚಾರ ದಟ್ಟಣೆ ತಡೆಯಲು ಪರ್ಯಾಯ ಮಾರ್ಗ ಕಲ್ಪಿಸಲಾಗಿತ್ತು.
ಸೇಂಟ್ ಜೋಸೆಫ್ ವಿವಿಯಲ್ಲಿ ಎನ್‌ಎಸ್‌ಎಸ್ ಶಿಬಿರ
ಶಿಬಿರಗಳಿಂದ ಮೂಡಲಿದೆ ರಾಷ್ಟ್ರೀಯ ಏಕತೆ
ಬೆಂಗಳೂರು: ರಾಷ್ಟ್ರೀಯ ಏಕೀಕರಣ ಶಿಬಿರ 2025, ಸೇಂಟ್ ಜೋಸೆಫ್ ವಿಶ್ವವಿದ್ಯಾಲಯದಲ್ಲಿ ನಡೆಯಿತು. ರಾಷ್ಟ್ರೀಯ ಸೇವಾ ಯೋಜನೆ ವತಿಯಿಂದ ಆಯೋಜಿಸಿದ್ದ ಶಿಬಿರದಲ್ಲಿ ವಿವಿಧ ರಾಜ್ಯಗಳ ವಿದ್ಯಾರ್ಥಿಗಳು ಪಾಲ್ಗೊಂಡಿದ್ದರು. ಫೆ.20 ರಿಂದ 26 ರವರೆಗೆ ಶಿಬಿರ ನಡೆಯಿತು. ಶಿಬಿರದಲ್ಲಿ ವಿವಿಧ ರಾಜ್ಯಗಳ ಭಾಷೆ, ಸಂಸ್ಕೃತಿ, ಆಹಾರ ಪದ್ಧತಿ ಕುರಿತು ವಿಚಾರ ವಿನಿಮಯ ನಡೆಯಿತು. ಇಂತಹ ಶಿಬಿರಗಳಿಂದ ವಿದ್ಯಾರ್ಥಿಗಳಲ್ಲಿ ರಾಷ್ಟ್ರೀಯ ಏಕತೆಯ ಭಾವನೆ ಮೂಡುತ್ತದೆ ಎಂದು ಕುಲಪತಿಗಳು ಹೇಳಿದರು. ಭಾರತದ ವೈವಿಧ್ಯತೆಯಲ್ಲಿ ಏಕತೆ ಅಡಗಿದೆ. ಯುವಜನರು ದೇಶದ ಅಭಿವೃದ್ಧಿಯಲ್ಲಿ ಪ್ರಮುಖ ಪಾತ್ರ ವಹಿಸಬೇಕು ಎಂದರು.
ಶಿಬಿರದಲ್ಲಿ ಕರ್ನಾಟಕ, ಕೇರಳ, ತಮಿಳುನಾಡು, ಆಂಧ್ರಪ್ರದೇಶ, ತೆಲಂಗಾಣ, ಮಹಾರಾಷ್ಟ್ರ ಸೇರಿದಂತೆ ವಿವಿಧ ರಾಜ್ಯಗಳ ಸ್ವಯಂಸೇವಕರು ಭಾಗವಹಿಸಿದ್ದರು. ಪ್ರತಿದಿನ ಯೋಗ, ಶ್ರಮದಾನ, ಸಾಂಸ್ಕೃತಿಕ ಕಾರ್ಯಕ್ರಮಗಳು ನಡೆದವು.
ಸಾಂಸ್ಕೃತಿಕ ವಿನಿಮಯ ಮತ್ತು ವಿಕೇಂದ್ರೀಕರಣ
ಶಿಬಿರದ ಕೊನೆಯ ದಿನ ವಿದ್ಯಾರ್ಥಿಗಳು ತಮ್ಮ ರಾಜ್ಯಗಳ ಸಾಂಸ್ಕೃತಿಕ ಕಲೆಗಳನ್ನು ಪ್ರದರ್ಶಿಸಿದರು. ಎನ್‌ಎಸ್‌ಎಸ್ ಸಂಯೋಜನಾಧಿಕಾರಿಗಳು, ಪ್ರಾಧ್ಯಾಪಕರು, ವಿದ್ಯಾರ್ಥಿಗಳು ಉಪಸ್ಥಿತರಿದ್ದರು. ಸುಮಾರು 130 ಮಂದಿ ಶಿಬಿರಾರ್ಥಿಗಳು ಭಾಗವಹಿಸಿದ್ದರು. ಶಿಬಿರದಲ್ಲಿ ಕರ್ನಾಟಕ, ಕೇರಳ, ತಮಿಳುನಾಡು, ಆಂಧ್ರಪ್ರದೇಶ, ತೆಲಂಗಾಣ, ಮಹಾರಾಷ್ಟ್ರ ಸೇರಿದಂತೆ ವಿವಿಧ ರಾಜ್ಯಗಳ ಸ್ವಯಂಸೇವಕರು ಭಾಗವಹಿಸಿದ್ದರು. ಪ್ರತಿದಿನ ಯೋಗ, ಶ್ರಮದಾನ, ಸಾಂಸ್ಕೃತಿಕ ಕಾರ್ಯಕ್ರಮಗಳು ನಡೆದವು.
